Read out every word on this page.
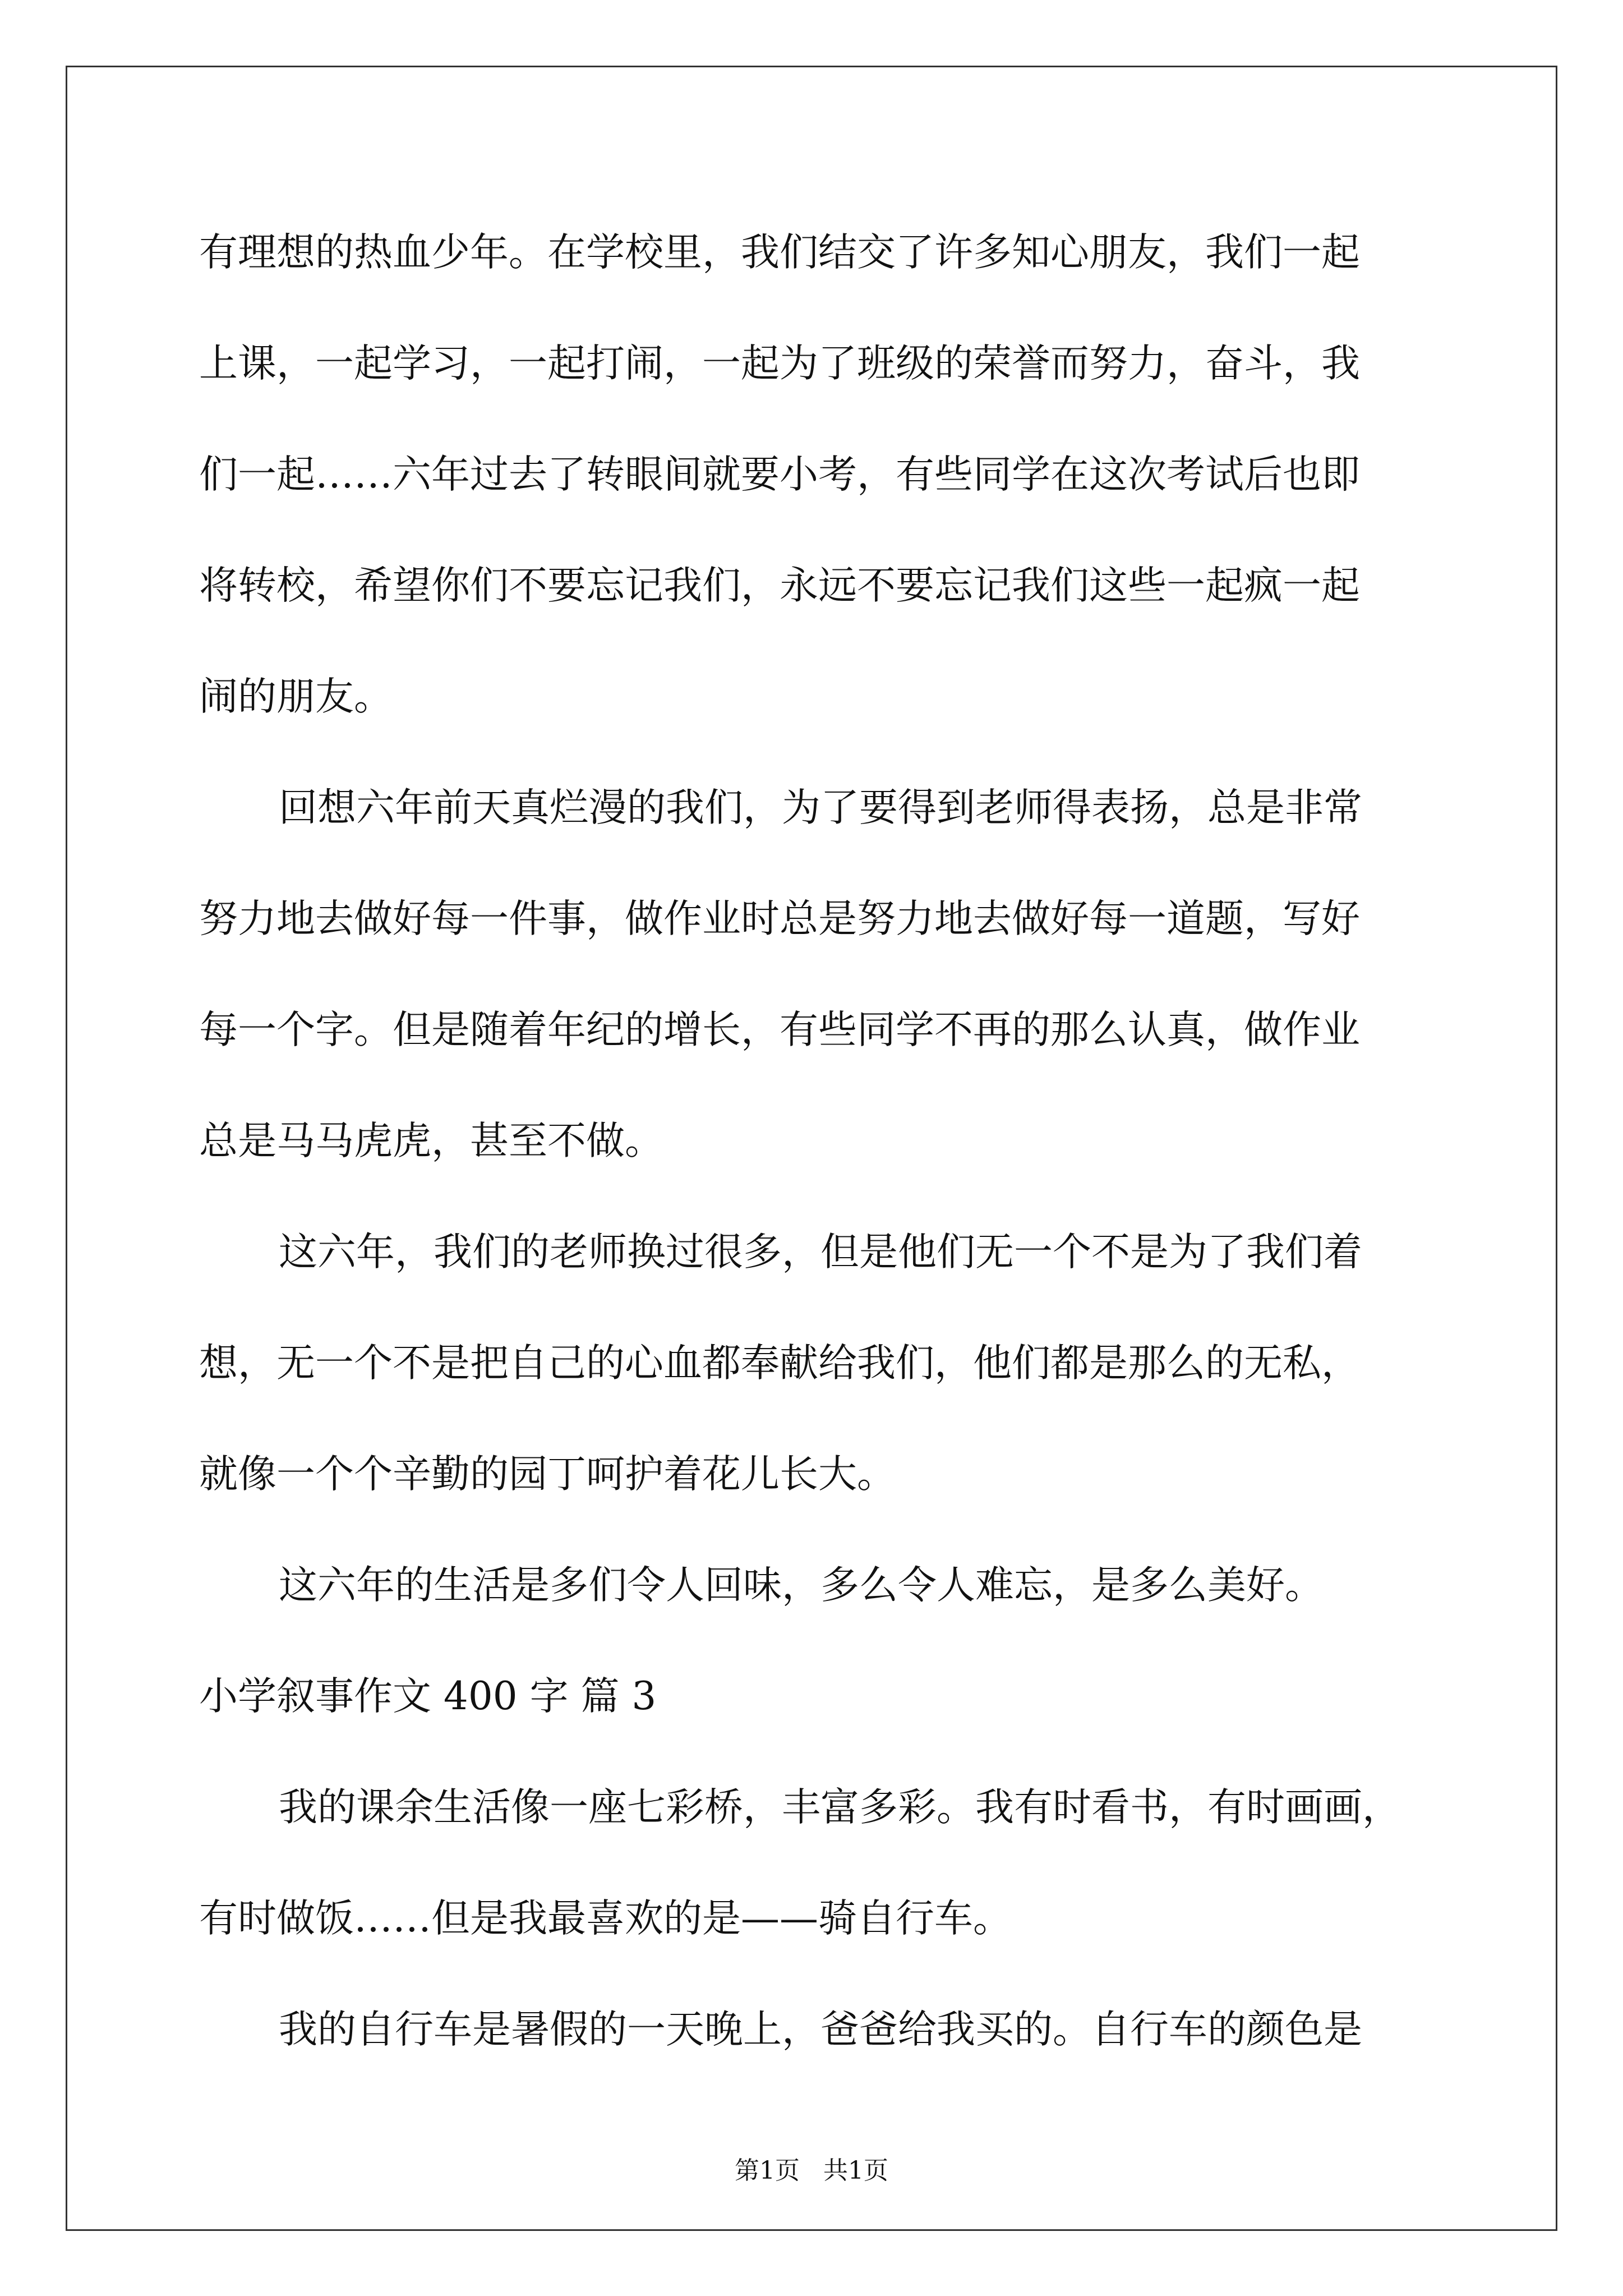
有理想的热血少年。在学校里，我们结交了许多知心朋友，我们一起
上课，一起学习，一起打闹，一起为了班级的荣誉而努力，奋斗，我
们一起……六年过去了转眼间就要小考，有些同学在这次考试后也即
将转校，希望你们不要忘记我们，永远不要忘记我们这些一起疯一起
闹的朋友。
回想六年前天真烂漫的我们，为了要得到老师得表扬，总是非常
努力地去做好每一件事，做作业时总是努力地去做好每一道题，写好
每一个字。但是随着年纪的增长，有些同学不再的那么认真，做作业
总是马马虎虎，甚至不做。
这六年，我们的老师换过很多，但是他们无一个不是为了我们着
想，无一个不是把自己的心血都奉献给我们，他们都是那么的无私，
就像一个个辛勤的园丁呵护着花儿长大。
这六年的生活是多们令人回味，多么令人难忘，是多么美好。
小学叙事作文 400 字 篇 3
我的课余生活像一座七彩桥，丰富多彩。我有时看书，有时画画，
有时做饭……但是我最喜欢的是——骑自行车。
我的自行车是暑假的一天晚上，爸爸给我买的。自行车的颜色是
第1页   共1页
